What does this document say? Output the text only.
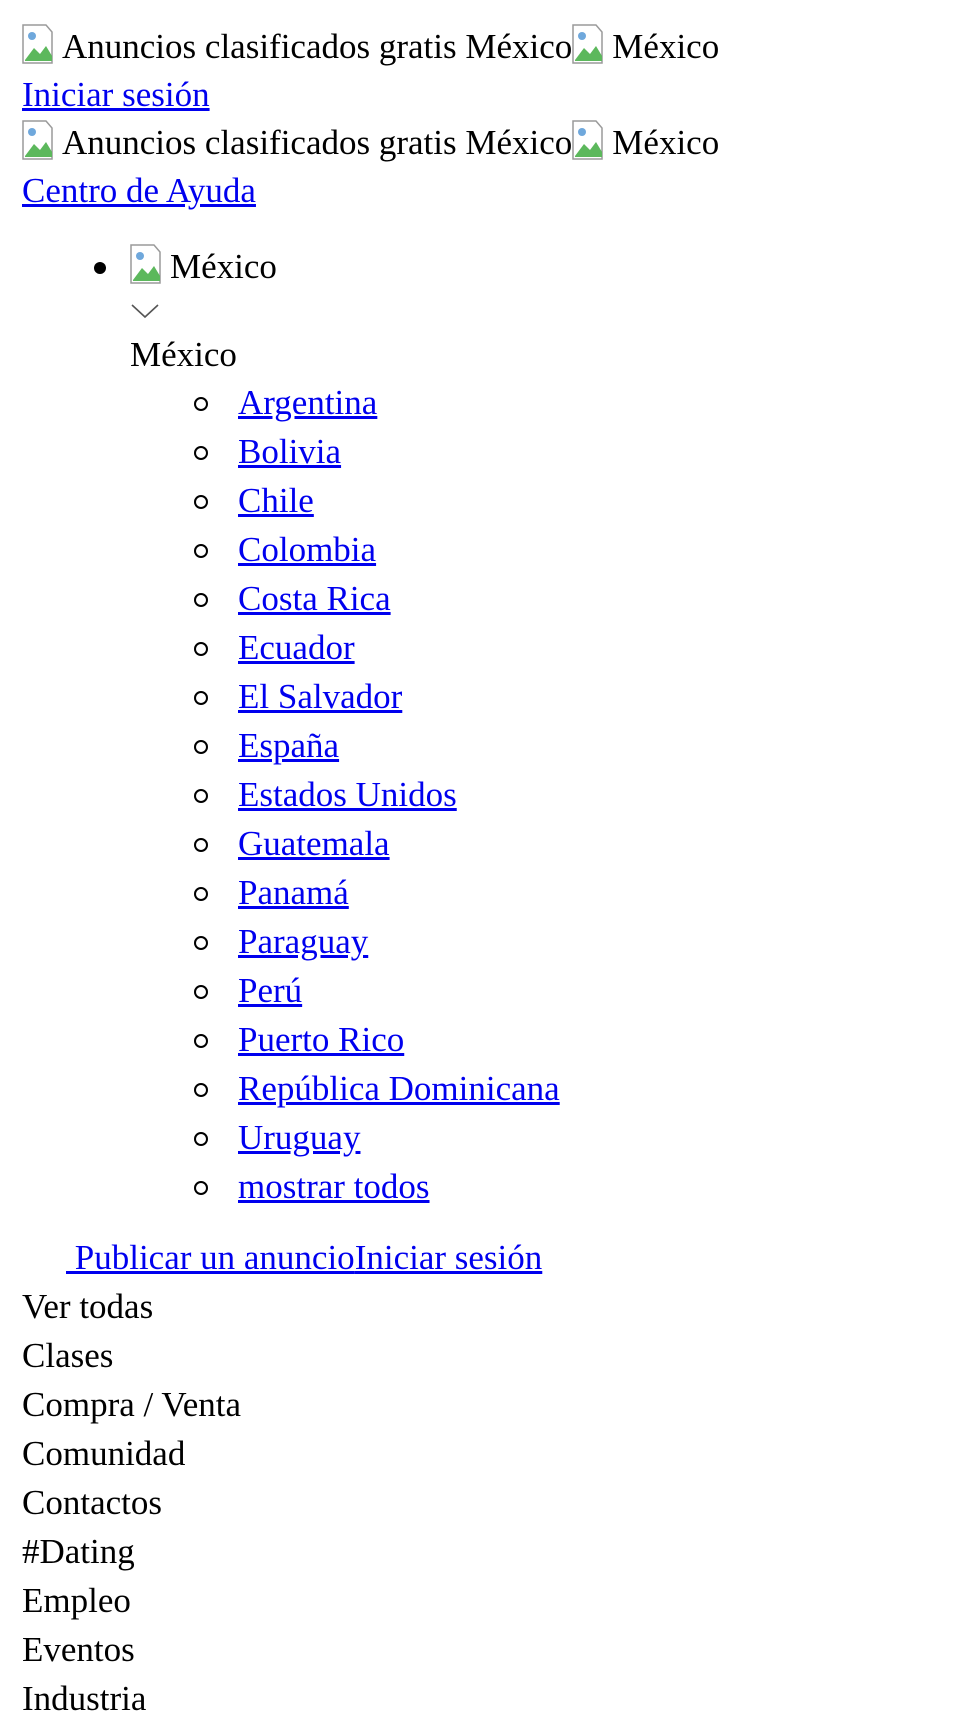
Anuncios clasificados gratis México México
Iniciar sesión
Anuncios clasificados gratis México México
Centro de Ayuda
México
México
Argentina
Bolivia
Chile
Colombia
Costa Rica
Ecuador
El Salvador
España
Estados Unidos
Guatemala
Panamá
Paraguay
Perú
Puerto Rico
República Dominicana
Uruguay
mostrar todos
Publicar un anuncioIniciar sesión
Ver todas
Clases
Compra / Venta
Comunidad
Contactos
#Dating
Empleo
Eventos
Industria
